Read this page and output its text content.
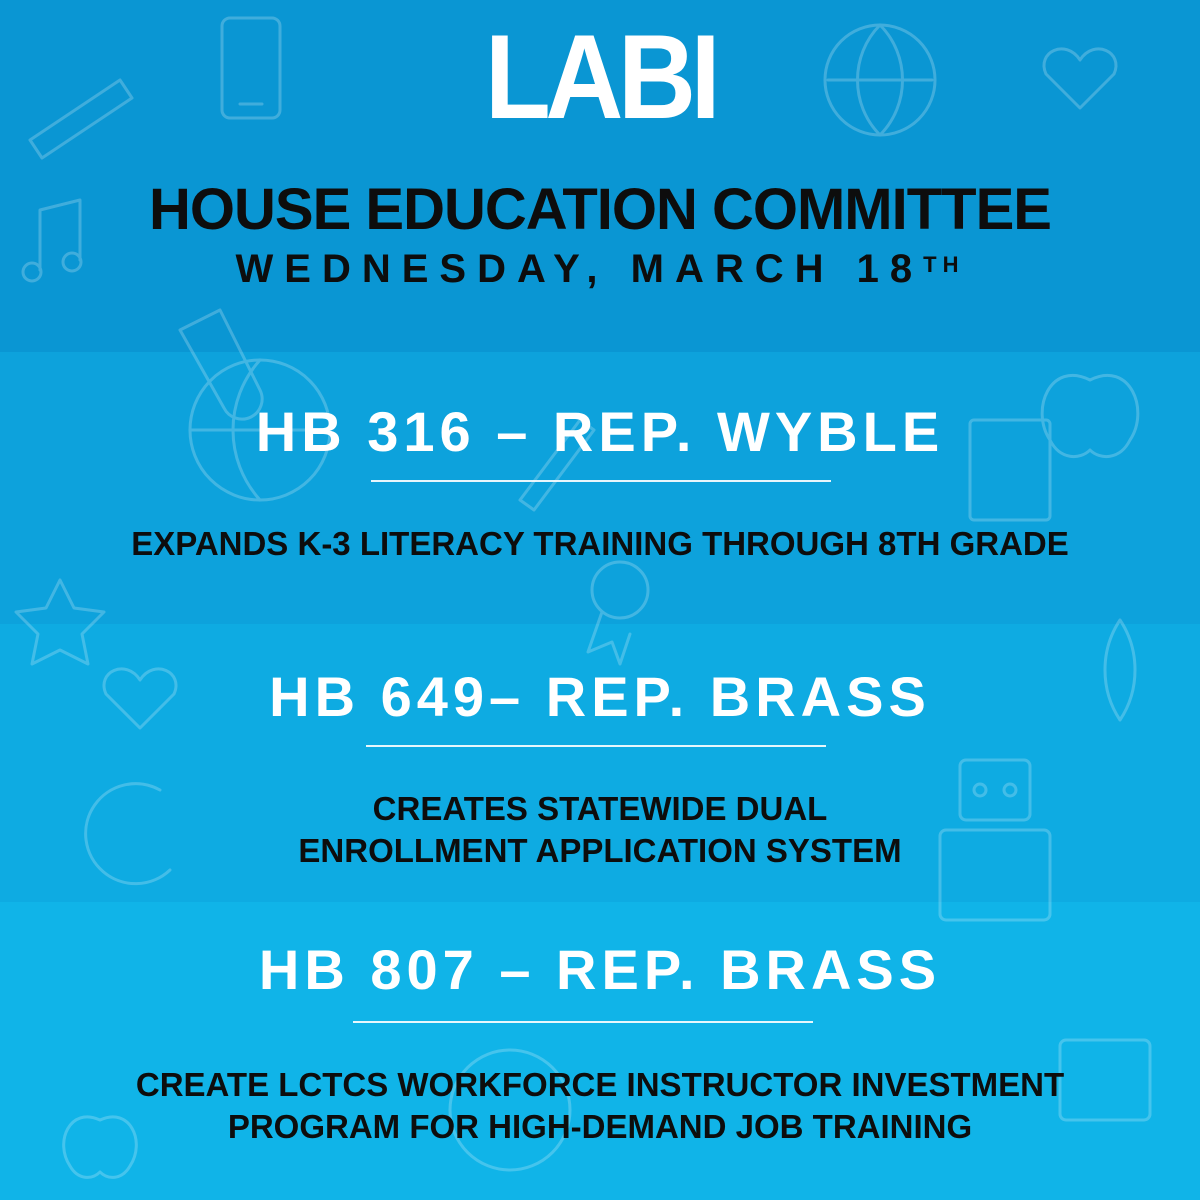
LABI
HOUSE EDUCATION COMMITTEE
WEDNESDAY, MARCH 18TH
HB 316 – REP. WYBLE
EXPANDS K-3 LITERACY TRAINING THROUGH 8TH GRADE
HB 649– REP. BRASS
CREATES STATEWIDE DUAL
ENROLLMENT APPLICATION SYSTEM
HB 807 – REP. BRASS
CREATE LCTCS WORKFORCE INSTRUCTOR INVESTMENT
PROGRAM FOR HIGH-DEMAND JOB TRAINING
